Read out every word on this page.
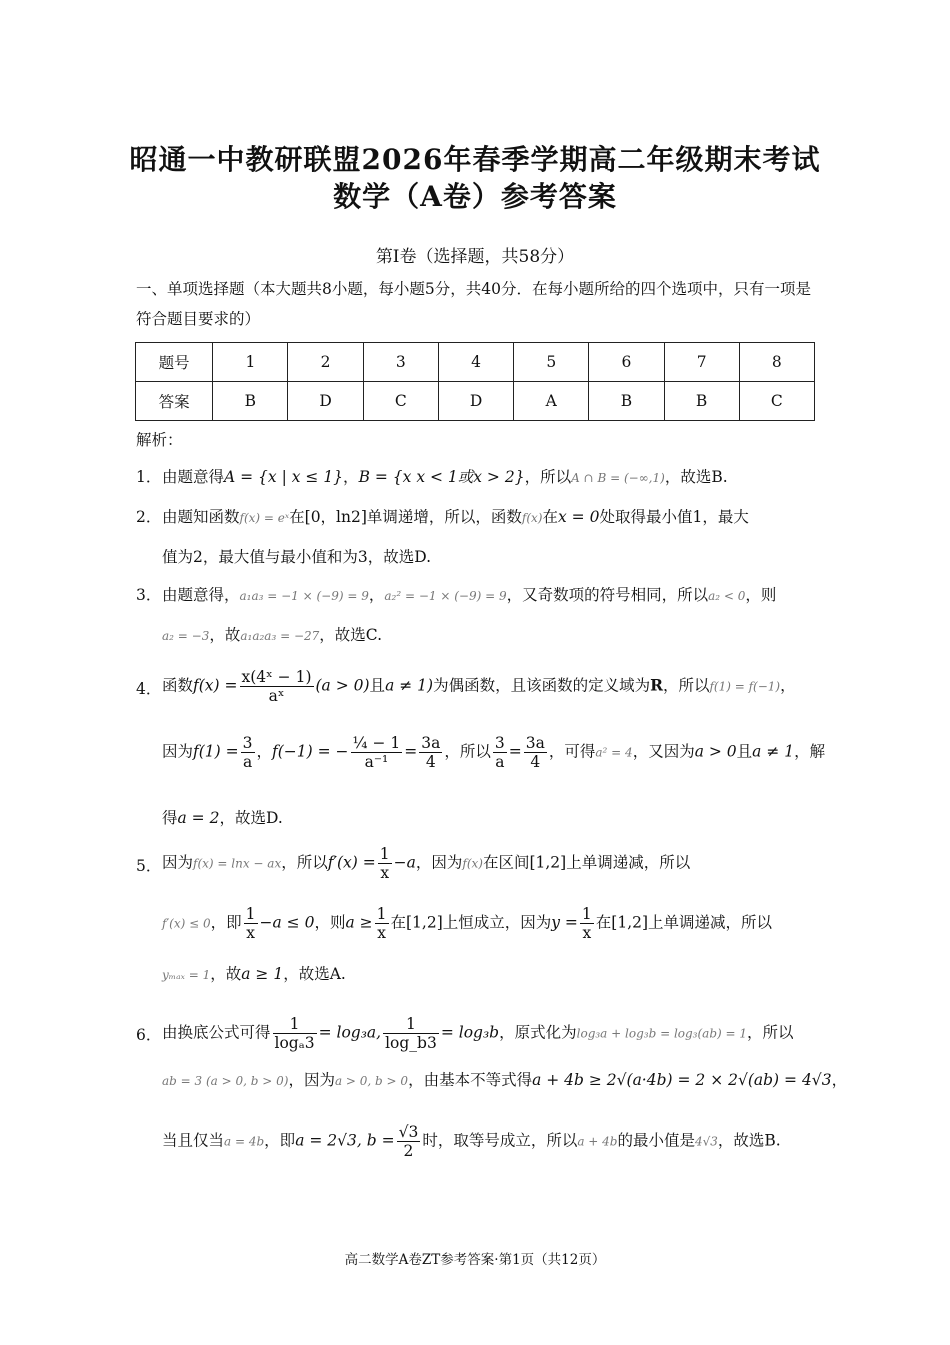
昭通一中教研联盟2026年春季学期高二年级期末考试
数学（A卷）参考答案
第Ⅰ卷（选择题，共58分）
一、单项选择题（本大题共8小题，每小题5分，共40分．在每小题所给的四个选项中，只有一项是符合题目要求的）
题号	1	2	3	4	5	6	7	8
答案	B	D	C	D	A	B	B	C
解析：
1． 由题意得A = {x | x ≤ 1}，B = {x x < 1或x > 2}，所以A ∩ B = (−∞,1)，故选B.
2． 由题知函数f(x) = eˣ在[0，ln2]单调递增，所以，函数f(x)在x = 0处取得最小值1，最大
值为2，最大值与最小值和为3，故选D.
3． 由题意得，a₁a₃ = −1 × (−9) = 9，a₂² = −1 × (−9) = 9，又奇数项的符号相同，所以a₂ < 0，则
a₂ = −3，故a₁a₂a₃ = −27，故选C.
4． 函数$f(x) = \frac{\text{x(4ˣ − 1)}}{\text{aˣ}} (a > 0)$且a ≠ 1)为偶函数，且该函数的定义域为R，所以f(1) = f(−1)，
因为$f(1) = \frac{3}{a}$ ，f(−1) = − $\frac{\text{¼ − 1}}{\text{a⁻¹}} = \frac{3a}{4}$ ，所以 $\frac{3}{a} = \frac{3a}{4}$ ，可得a² = 4，又因为a > 0且a ≠ 1，解
得a = 2，故选D.
5． 因为f(x) = lnx − ax，所以$f'(x) = \frac{1}{x} -a$，因为f(x)在区间[1,2]上单调递减，所以
f′(x) ≤ 0，即 $\frac{1}{x} -a \le 0$，则$a \ge \frac{1}{x}$ 在[1,2]上恒成立，因为$y = \frac{1}{x}$ 在[1,2]上单调递减，所以
yₘₐₓ = 1，故a ≥ 1，故选A.
6． 由换底公式可得 $\frac{1}{\text{logₐ3}} = \log_3a$, $\frac{1}{\log\_b3} = \log_3b$，原式化为log₃a + log₃b = log₃(ab) = 1，所以
ab = 3 (a > 0, b > 0)，因为a > 0, b > 0，由基本不等式得a + 4b ≥ 2√(a·4b) = 2 × 2√(ab) = 4√3，
当且仅当a = 4b，即a = 2√3, $b = \frac{√3}{2}$ 时，取等号成立，所以a + 4b的最小值是4√3，故选B.
高二数学A卷ZT参考答案·第1页（共12页）
